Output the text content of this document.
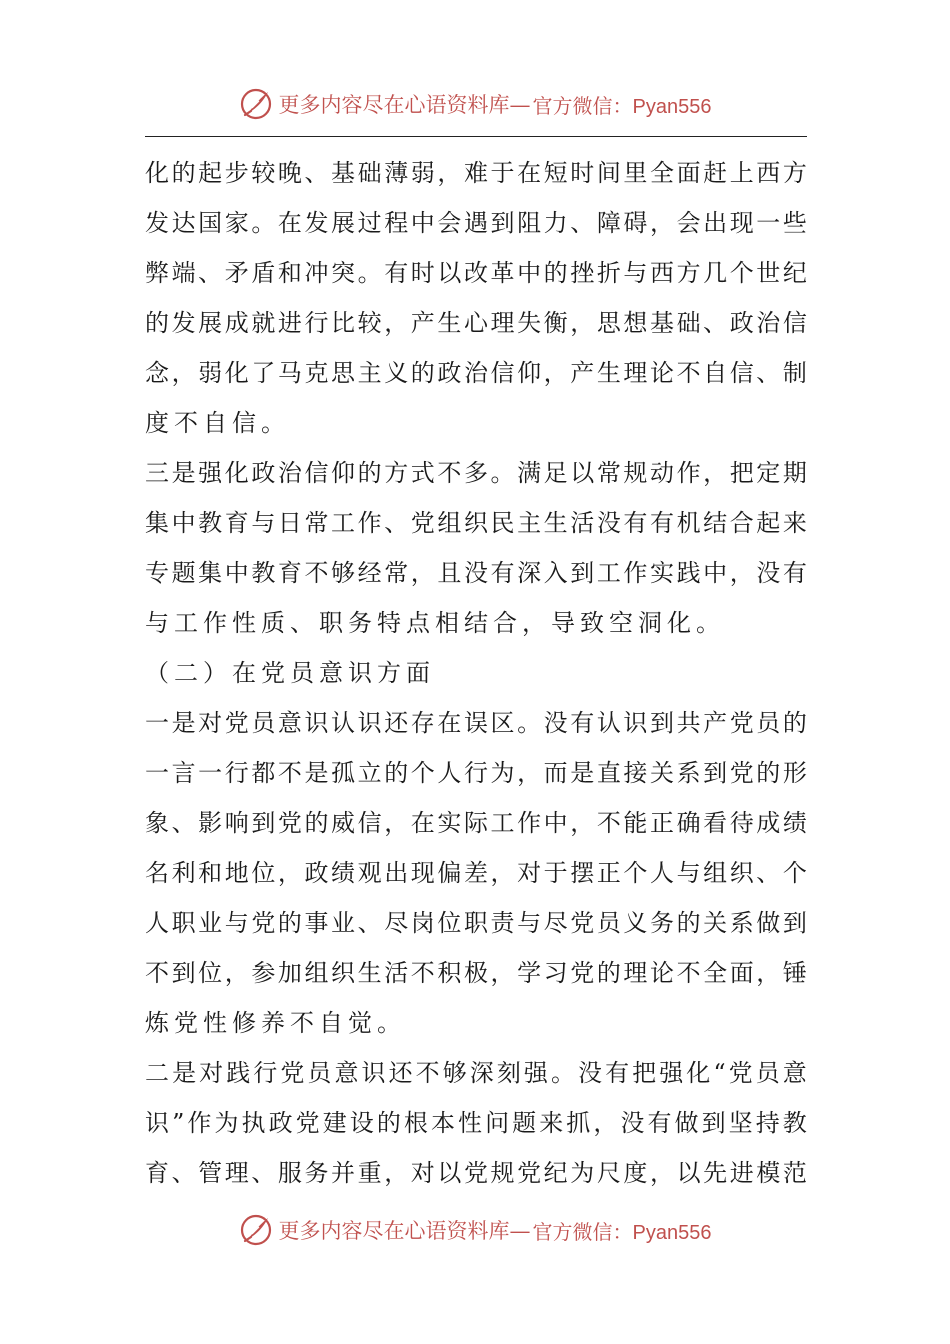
更多内容尽在心语资料库— 官方微信：Pyan556
化 的 起 步 较 晚 、 基 础 薄 弱 ， 难 于 在 短 时 间 里 全 面 赶 上 西 方
发 达 国 家 。 在 发 展 过 程 中 会 遇 到 阻 力 、 障 碍 ， 会 出 现 一 些
弊 端 、 矛 盾 和 冲 突 。 有 时 以 改 革 中 的 挫 折 与 西 方 几 个 世 纪
的 发 展 成 就 进 行 比 较 ， 产 生 心 理 失 衡 ， 思 想 基 础 、 政 治 信
念 ， 弱 化 了 马 克 思 主 义 的 政 治 信 仰 ， 产 生 理 论 不 自 信 、 制
度不自信。
三 是 强 化 政 治 信 仰 的 方 式 不 多 。 满 足 以 常 规 动 作 ， 把 定 期
集 中 教 育 与 日 常 工 作 、 党 组 织 民 主 生 活 没 有 有 机 结 合 起 来
专 题 集 中 教 育 不 够 经 常 ， 且 没 有 深 入 到 工 作 实 践 中 ， 没 有
与工作性质、职务特点相结合，导致空洞化。
（二）在党员意识方面
一 是 对 党 员 意 识 认 识 还 存 在 误 区 。 没 有 认 识 到 共 产 党 员 的
一 言 一 行 都 不 是 孤 立 的 个 人 行 为 ， 而 是 直 接 关 系 到 党 的 形
象 、 影 响 到 党 的 威 信 ， 在 实 际 工 作 中 ， 不 能 正 确 看 待 成 绩
名 利 和 地 位 ， 政 绩 观 出 现 偏 差 ， 对 于 摆 正 个 人 与 组 织 、 个
人 职 业 与 党 的 事 业 、 尽 岗 位 职 责 与 尽 党 员 义 务 的 关 系 做 到
不 到 位 ， 参 加 组 织 生 活 不 积 极 ， 学 习 党 的 理 论 不 全 面 ， 锤
炼党性修养不自觉。
二 是 对 践 行 党 员 意 识 还 不 够 深 刻 强 。 没 有 把 强 化 “ 党 员 意
识 ” 作 为 执 政 党 建 设 的 根 本 性 问 题 来 抓 ， 没 有 做 到 坚 持 教
育 、 管 理 、 服 务 并 重 ， 对 以 党 规 党 纪 为 尺 度 ， 以 先 进 模 范
更多内容尽在心语资料库— 官方微信：Pyan556
